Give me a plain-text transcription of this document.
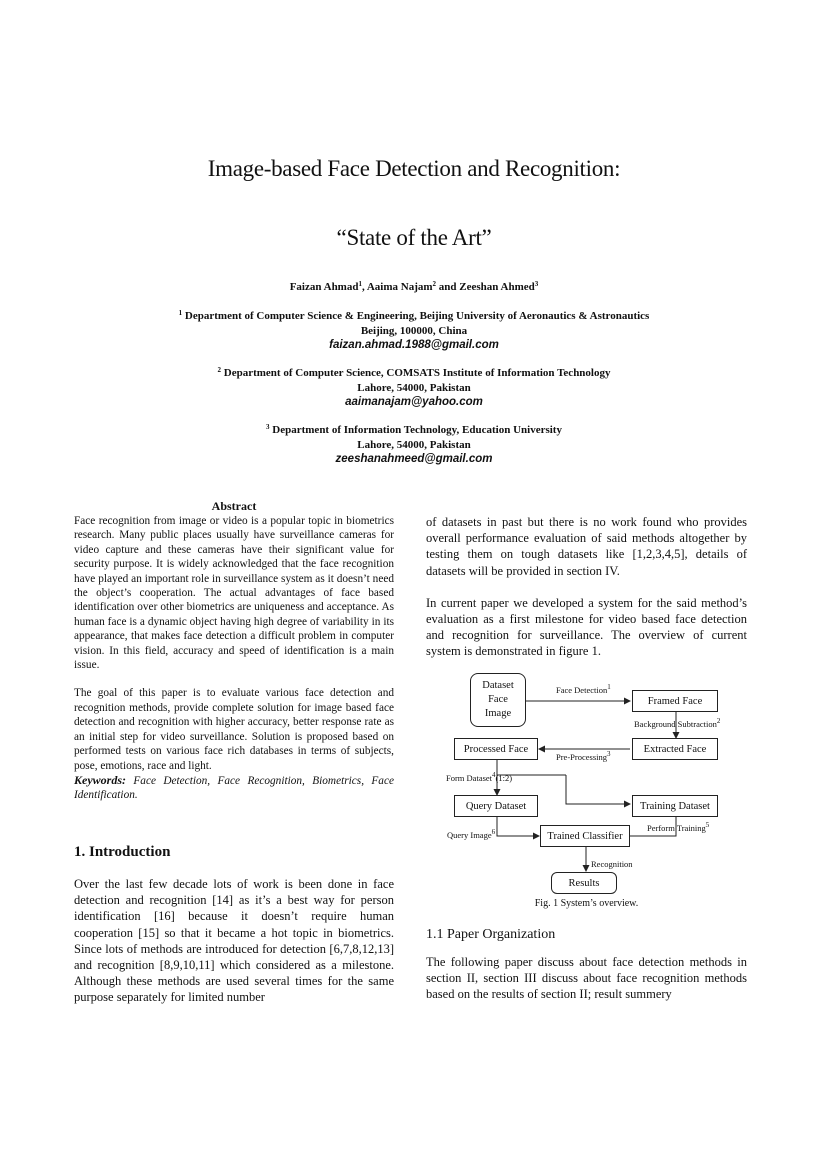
Image-based Face Detection and Recognition:
“State of the Art”
Faizan Ahmad$^1$, Aaima Najam$^2$ and Zeeshan Ahmed$^3$
$^1$ Department of Computer Science & Engineering, Beijing University of Aeronautics & Astronautics
Beijing, 100000, China
faizan.ahmad.1988@gmail.com
$^2$ Department of Computer Science, COMSATS Institute of Information Technology
Lahore, 54000, Pakistan
aaimanajam@yahoo.com
$^3$ Department of Information Technology, Education University
Lahore, 54000, Pakistan
zeeshanahmeed@gmail.com
Abstract

Face recognition from image or video is a popular topic in biometrics research. Many public places usually have surveillance cameras for video capture and these cameras have their significant value for security purpose. It is widely acknowledged that the face recognition have played an important role in surveillance system as it doesn’t need the object’s cooperation. The actual advantages of face based identification over other biometrics are uniqueness and acceptance. As human face is a dynamic object having high degree of variability in its appearance, that makes face detection a difficult problem in computer vision. In this field, accuracy and speed of identification is a main issue.

The goal of this paper is to evaluate various face detection and recognition methods, provide complete solution for image based face detection and recognition with higher accuracy, better response rate as an initial step for video surveillance. Solution is proposed based on performed tests on various face rich databases in terms of subjects, pose, emotions, race and light.

Keywords: Face Detection, Face Recognition, Biometrics, Face Identification.

1. Introduction

Over the last few decade lots of work is been done in face detection and recognition [14] as it’s a best way for person identification [16] because it doesn’t require human cooperation [15] so that it became a hot topic in biometrics. Since lots of methods are introduced for detection [6,7,8,12,13] and recognition [8,9,10,11] which considered as a milestone. Although these methods are used several times for the same purpose separately for limited number

of datasets in past but there is no work found who provides overall performance evaluation of said methods altogether by testing them on tough datasets like [1,2,3,4,5], details of datasets will be provided in section IV.

In current paper we developed a system for the said method’s evaluation as a first milestone for video based face detection and recognition for surveillance. The overview of current system is demonstrated in figure 1.

Dataset
Face
Image
Framed Face
Extracted Face
Processed Face
Query Dataset	Training Dataset
Trained Classifier
Results
Face Detection$^1$
Background Subtraction$^2$
Pre-Processing$^3$
Form Dataset$^4$(1:2)
Perform Training$^5$
Query Image$^6$
Recognition
Fig. 1 System’s overview.
1.1 Paper Organization

The following paper discuss about face detection methods in section II, section III discuss about face recognition methods based on the results of section II; result summery
